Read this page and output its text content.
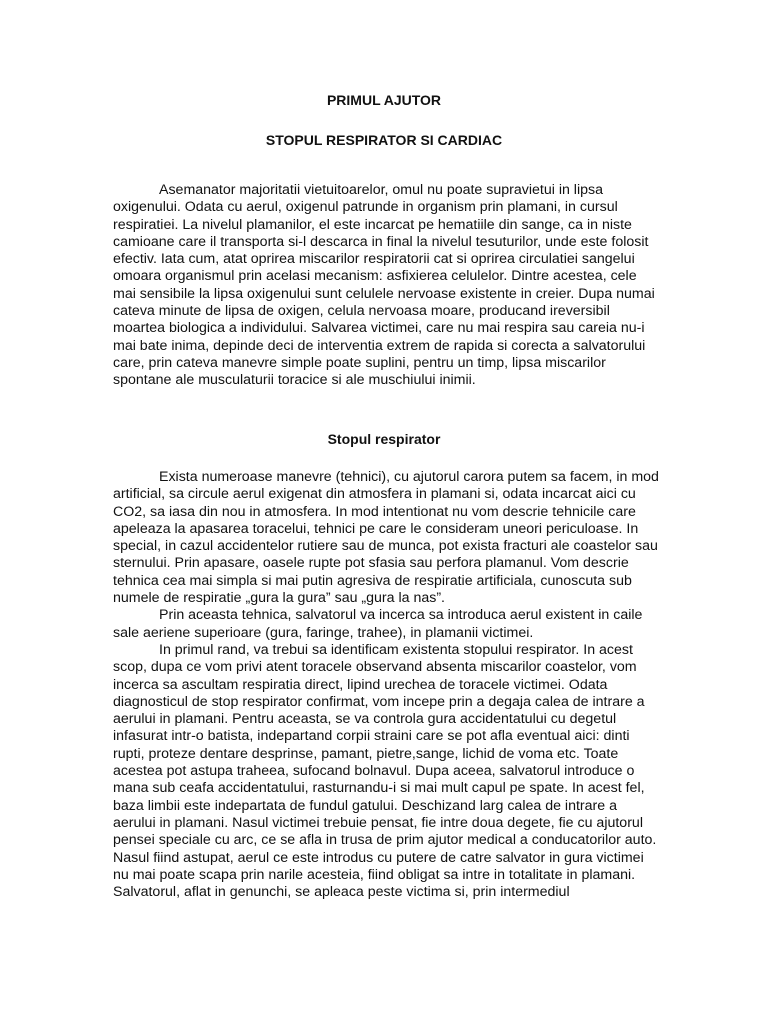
PRIMUL AJUTOR
STOPUL RESPIRATOR SI CARDIAC

Asemanator majoritatii vietuitoarelor, omul nu poate supravietui in lipsa oxigenului. Odata cu aerul, oxigenul patrunde in organism prin plamani, in cursul respiratiei. La nivelul plamanilor, el este incarcat pe hematiile din sange, ca in niste camioane care il transporta si-l descarca in final la nivelul tesuturilor, unde este folosit efectiv. Iata cum, atat oprirea miscarilor respiratorii cat si oprirea circulatiei sangelui omoara organismul prin acelasi mecanism: asfixierea celulelor. Dintre acestea, cele mai sensibile la lipsa oxigenului sunt celulele nervoase existente in creier. Dupa numai cateva minute de lipsa de oxigen, celula nervoasa moare, producand ireversibil moartea biologica a individului. Salvarea victimei, care nu mai respira sau careia nu-i mai bate inima, depinde deci de interventia extrem de rapida si corecta a salvatorului care, prin cateva manevre simple poate suplini, pentru un timp, lipsa miscarilor spontane ale musculaturii toracice si ale muschiului inimii.

Stopul respirator

Exista numeroase manevre (tehnici), cu ajutorul carora putem sa facem, in mod artificial, sa circule aerul exigenat din atmosfera in plamani si, odata incarcat aici cu CO2, sa iasa din nou in atmosfera. In mod intentionat nu vom descrie tehnicile care apeleaza la apasarea toracelui, tehnici pe care le consideram uneori periculoase. In special, in cazul accidentelor rutiere sau de munca, pot exista fracturi ale coastelor sau sternului. Prin apasare, oasele rupte pot sfasia sau perfora plamanul. Vom descrie tehnica cea mai simpla si mai putin agresiva de respiratie artificiala, cunoscuta sub numele de respiratie „gura la gura” sau „gura la nas”.

Prin aceasta tehnica, salvatorul va incerca sa introduca aerul existent in caile sale aeriene superioare (gura, faringe, trahee), in plamanii victimei.

In primul rand, va trebui sa identificam existenta stopului respirator. In acest scop, dupa ce vom privi atent toracele observand absenta miscarilor coastelor, vom incerca sa ascultam respiratia direct, lipind urechea de toracele victimei. Odata diagnosticul de stop respirator confirmat, vom incepe prin a degaja calea de intrare a aerului in plamani. Pentru aceasta, se va controla gura accidentatului cu degetul infasurat intr-o batista, indepartand corpii straini care se pot afla eventual aici: dinti rupti, proteze dentare desprinse, pamant, pietre,sange, lichid de voma etc. Toate acestea pot astupa traheea, sufocand bolnavul. Dupa aceea, salvatorul introduce o mana sub ceafa accidentatului, rasturnandu-i si mai mult capul pe spate. In acest fel, baza limbii este indepartata de fundul gatului. Deschizand larg calea de intrare a aerului in plamani. Nasul victimei trebuie pensat, fie intre doua degete, fie cu ajutorul pensei speciale cu arc, ce se afla in trusa de prim ajutor medical a conducatorilor auto. Nasul fiind astupat, aerul ce este introdus cu putere de catre salvator in gura victimei nu mai poate scapa prin narile acesteia, fiind obligat sa intre in totalitate in plamani. Salvatorul, aflat in genunchi, se apleaca peste victima si, prin intermediul
